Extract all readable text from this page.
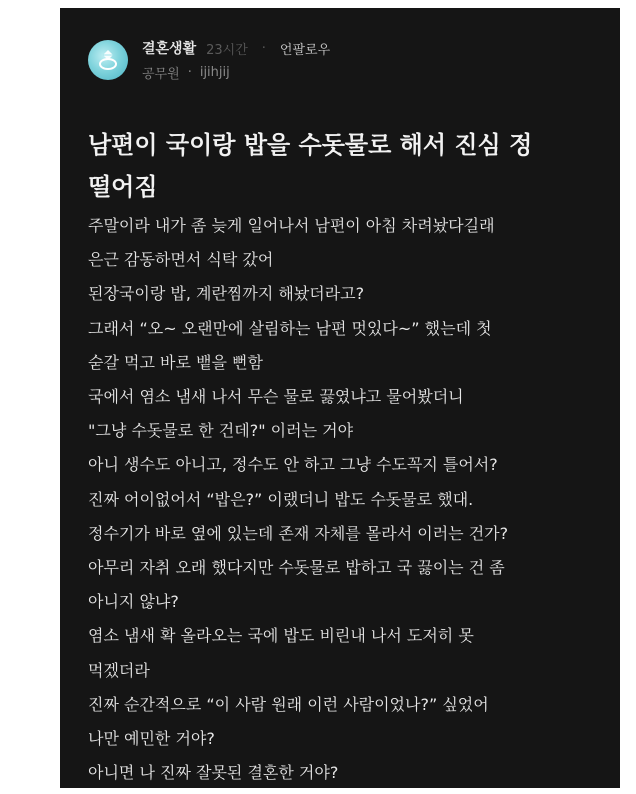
결혼생활 23시간 · 언팔로우
공무원 · ijihjij
남편이 국이랑 밥을 수돗물로 해서 진심 정
떨어짐
주말이라 내가 좀 늦게 일어나서 남편이 아침 차려놨다길래
은근 감동하면서 식탁 갔어
된장국이랑 밥, 계란찜까지 해놨더라고?
그래서 “오~ 오랜만에 살림하는 남편 멋있다~” 했는데 첫
숟갈 먹고 바로 뱉을 뻔함
국에서 염소 냄새 나서 무슨 물로 끓였냐고 물어봤더니
"그냥 수돗물로 한 건데?" 이러는 거야
아니 생수도 아니고, 정수도 안 하고 그냥 수도꼭지 틀어서?
진짜 어이없어서 “밥은?” 이랬더니 밥도 수돗물로 했대.
정수기가 바로 옆에 있는데 존재 자체를 몰라서 이러는 건가?
아무리 자취 오래 했다지만 수돗물로 밥하고 국 끓이는 건 좀
아니지 않냐?
염소 냄새 확 올라오는 국에 밥도 비린내 나서 도저히 못
먹겠더라
진짜 순간적으로 “이 사람 원래 이런 사람이었나?” 싶었어
나만 예민한 거야?
아니면 나 진짜 잘못된 결혼한 거야?
